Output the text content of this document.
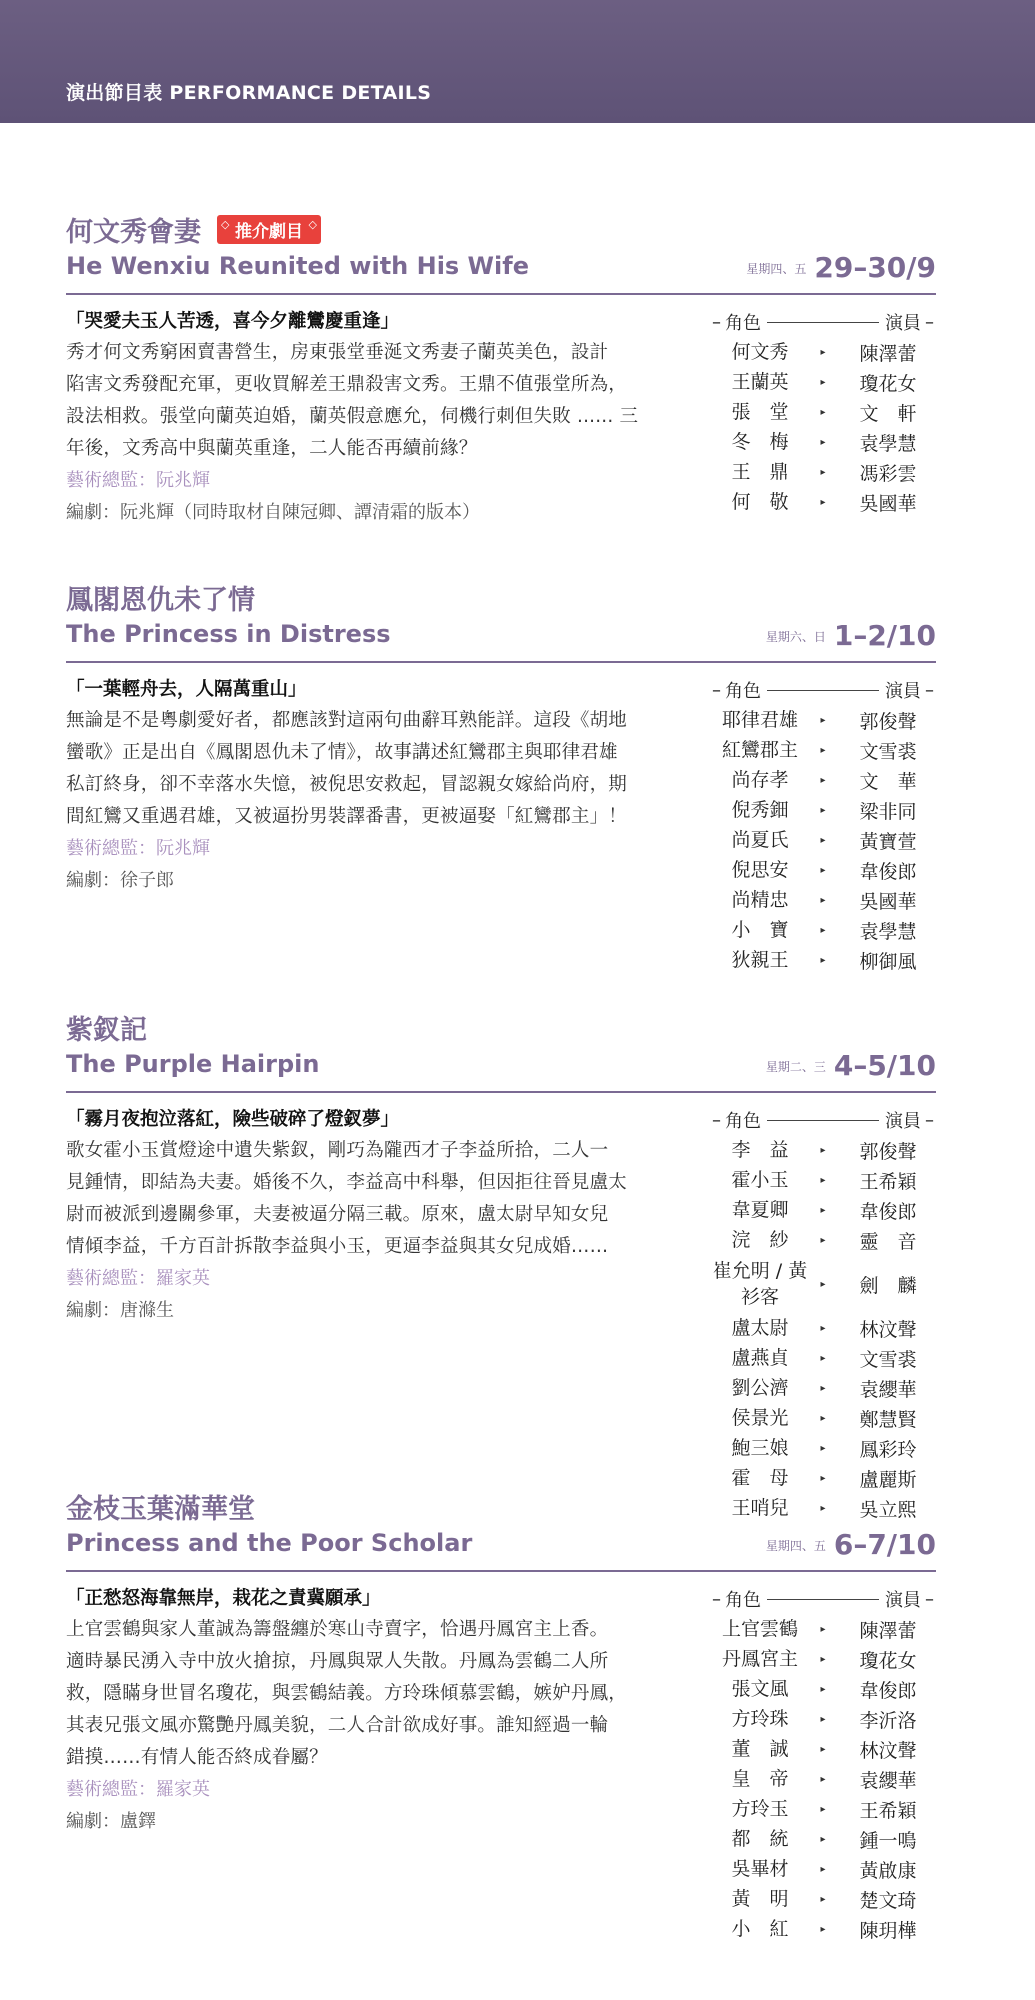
演出節目表 PERFORMANCE DETAILS
何文秀會妻◇ 推介劇目 ◇
He Wenxiu Reunited with His Wife	$^{星期四、五}$ 29–30/9
「哭愛夫玉人苦透，喜今夕離鸞慶重逢」
秀才何文秀窮困賣書營生，房東張堂垂涎文秀妻子蘭英美色，設計
陷害文秀發配充軍，更收買解差王鼎殺害文秀。王鼎不值張堂所為，
設法相救。張堂向蘭英迫婚，蘭英假意應允，伺機行刺但失敗 ...... 三
年後，文秀高中與蘭英重逢，二人能否再續前緣？
藝術總監：阮兆輝
編劇：阮兆輝（同時取材自陳冠卿、譚清霜的版本）
– 角色	演員 –
何文秀	▸	陳澤蕾
王蘭英	▸	瓊花女
張　堂	▸	文　軒
冬　梅	▸	袁學慧
王　鼎	▸	馮彩雲
何　敬	▸	吳國華
鳳閣恩仇未了情
The Princess in Distress	$^{星期六、日}$ 1–2/10
「一葉輕舟去，人隔萬重山」
無論是不是粵劇愛好者，都應該對這兩句曲辭耳熟能詳。這段《胡地
蠻歌》正是出自《鳳閣恩仇未了情》，故事講述紅鸞郡主與耶律君雄
私訂終身，卻不幸落水失憶，被倪思安救起，冒認親女嫁給尚府，期
間紅鸞又重遇君雄，又被逼扮男裝譯番書，更被逼娶「紅鸞郡主」！
藝術總監：阮兆輝
編劇：徐子郎
– 角色	演員 –
耶律君雄	▸	郭俊聲
紅鸞郡主	▸	文雪裘
尚存孝	▸	文　華
倪秀鈿	▸	梁非同
尚夏氏	▸	黃寶萱
倪思安	▸	韋俊郎
尚精忠	▸	吳國華
小　寶	▸	袁學慧
狄親王	▸	柳御風
紫釵記
The Purple Hairpin	$^{星期二、三}$ 4–5/10
「霧月夜抱泣落紅，險些破碎了燈釵夢」
歌女霍小玉賞燈途中遺失紫釵，剛巧為隴西才子李益所拾，二人一
見鍾情，即結為夫妻。婚後不久，李益高中科舉，但因拒往晉見盧太
尉而被派到邊關參軍，夫妻被逼分隔三載。原來，盧太尉早知女兒
情傾李益，千方百計拆散李益與小玉，更逼李益與其女兒成婚……
藝術總監：羅家英
編劇：唐滌生
– 角色	演員 –
李　益	▸	郭俊聲
霍小玉	▸	王希穎
韋夏卿	▸	韋俊郎
浣　紗	▸	靈　音
崔允明 / 黃衫客
▸	劍　麟
盧太尉	▸	林汶聲
盧燕貞	▸	文雪裘
劉公濟	▸	袁纓華
侯景光	▸	鄭慧賢
鮑三娘	▸	鳳彩玲
霍　母	▸	盧麗斯
王哨兒	▸	吳立熙
金枝玉葉滿華堂
Princess and the Poor Scholar	$^{星期四、五}$ 6–7/10
「正愁怒海靠無岸，栽花之責冀願承」
上官雲鶴與家人董誠為籌盤纏於寒山寺賣字，恰遇丹鳳宮主上香。
適時暴民湧入寺中放火搶掠，丹鳳與眾人失散。丹鳳為雲鶴二人所
救，隱瞞身世冒名瓊花，與雲鶴結義。方玲珠傾慕雲鶴，嫉妒丹鳳，
其表兄張文風亦驚艷丹鳳美貌，二人合計欲成好事。誰知經過一輪
錯摸……有情人能否終成眷屬？
藝術總監：羅家英
編劇：盧鐸
– 角色	演員 –
上官雲鶴	▸	陳澤蕾
丹鳳宮主	▸	瓊花女
張文風	▸	韋俊郎
方玲珠	▸	李沂洛
董　誠	▸	林汶聲
皇　帝	▸	袁纓華
方玲玉	▸	王希穎
都　統	▸	鍾一鳴
吳畢材	▸	黃啟康
黃　明	▸	楚文琦
小　紅	▸	陳玥樺
